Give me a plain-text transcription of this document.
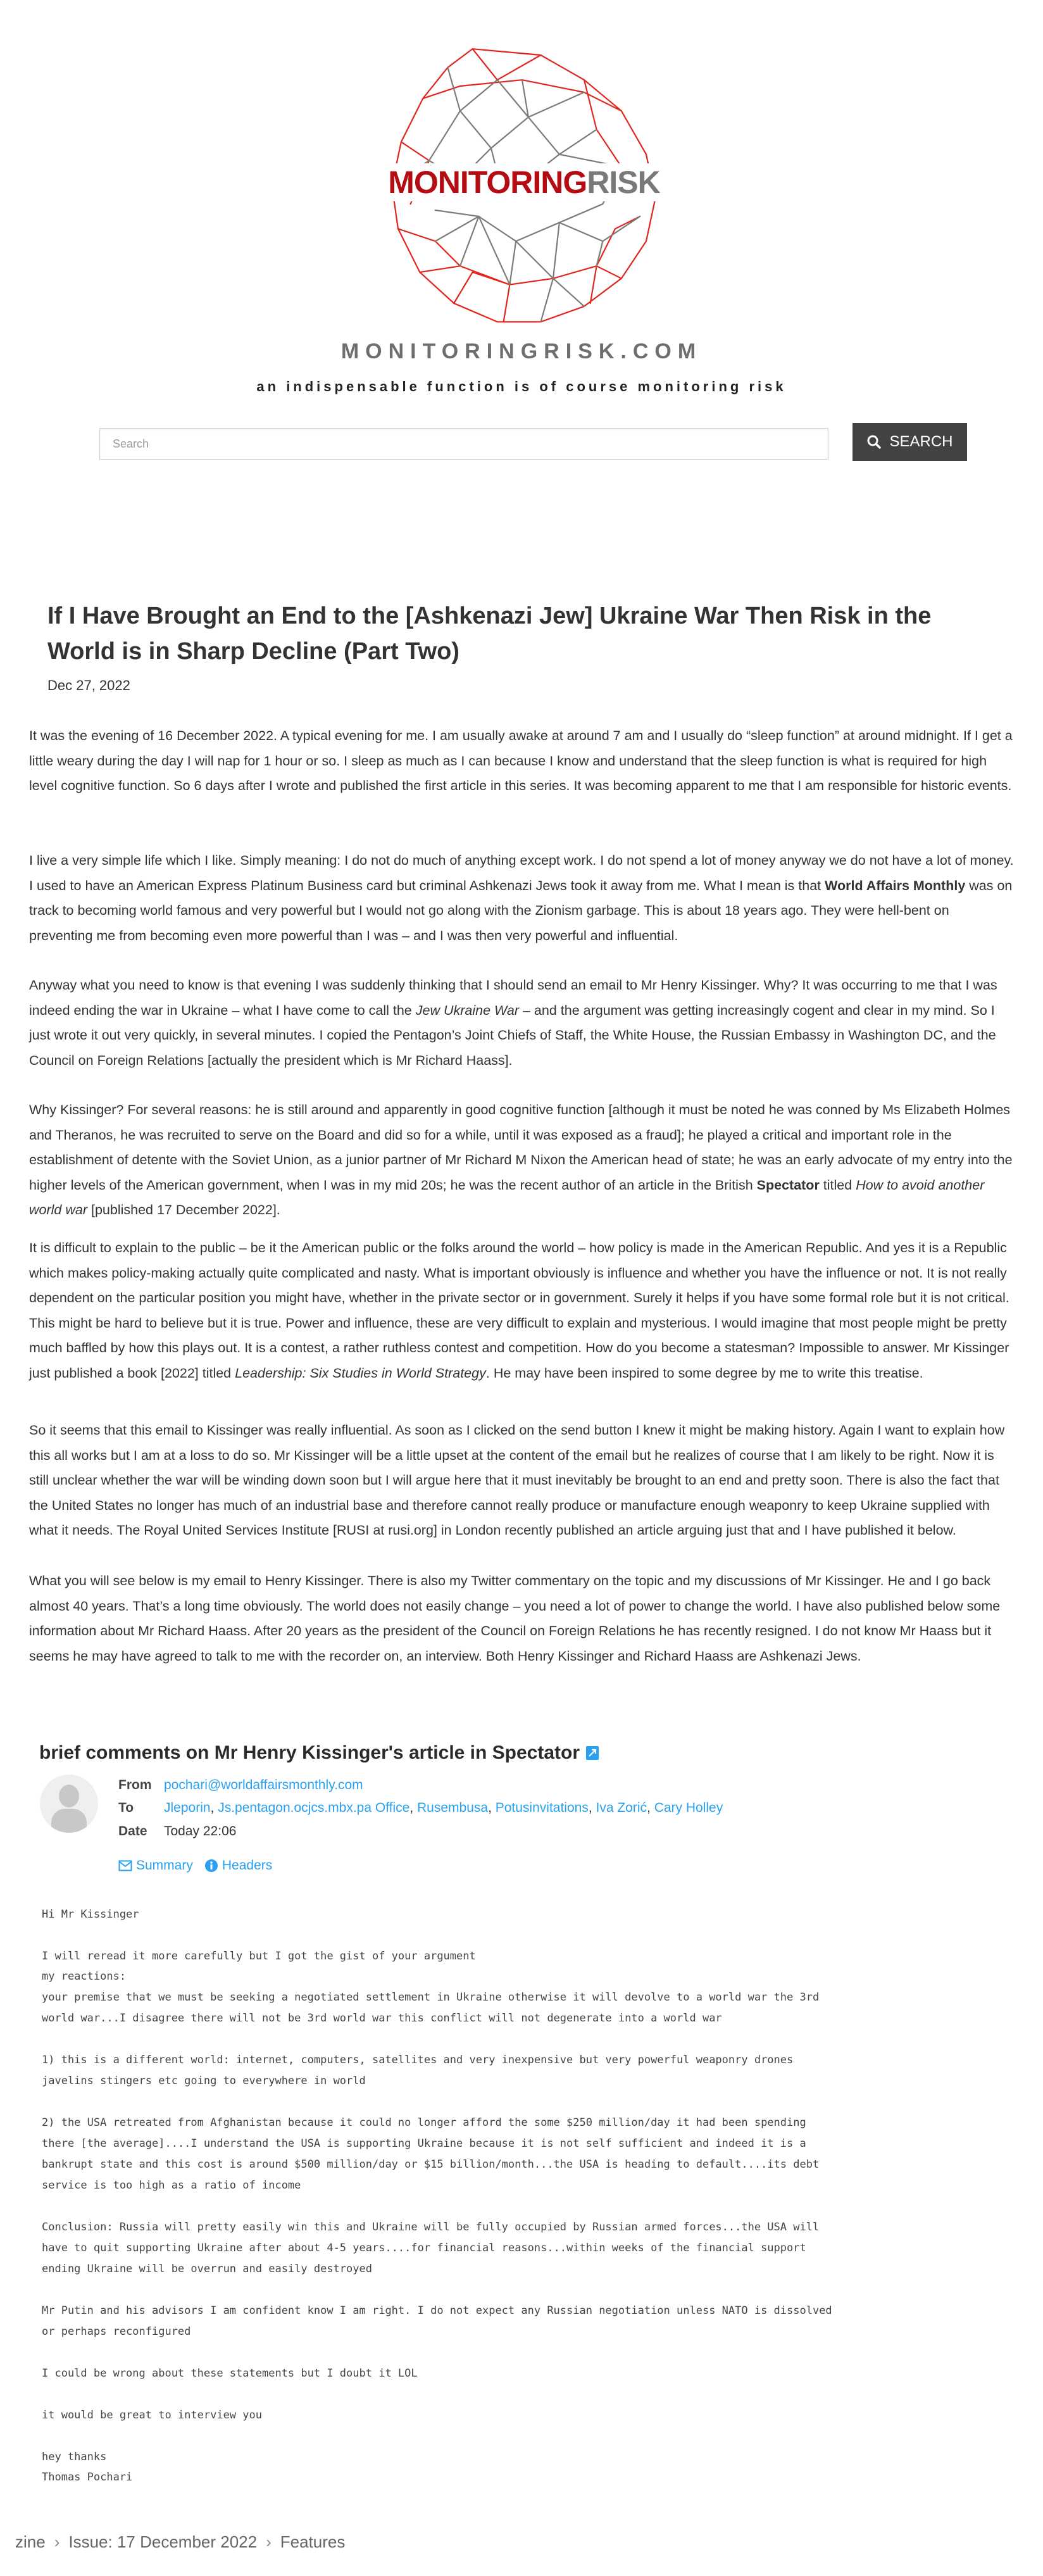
MONITORING RISK
MONITORINGRISK.COM
an indispensable function is of course monitoring risk
Search
SEARCH
If I Have Brought an End to the [Ashkenazi Jew] Ukraine War Then Risk in the World is in Sharp Decline (Part Two)
Dec 27, 2022

It was the evening of 16 December 2022. A typical evening for me. I am usually awake at around 7 am and I usually do “sleep function” at around midnight. If I get a little weary during the day I will nap for 1 hour or so. I sleep as much as I can because I know and understand that the sleep function is what is required for high level cognitive function. So 6 days after I wrote and published the first article in this series. It was becoming apparent to me that I am responsible for historic events.

I live a very simple life which I like. Simply meaning: I do not do much of anything except work. I do not spend a lot of money anyway we do not have a lot of money. I used to have an American Express Platinum Business card but criminal Ashkenazi Jews took it away from me. What I mean is that World Affairs Monthly was on track to becoming world famous and very powerful but I would not go along with the Zionism garbage. This is about 18 years ago. They were hell-bent on preventing me from becoming even more powerful than I was – and I was then very powerful and influential.

Anyway what you need to know is that evening I was suddenly thinking that I should send an email to Mr Henry Kissinger. Why? It was occurring to me that I was indeed ending the war in Ukraine – what I have come to call the Jew Ukraine War – and the argument was getting increasingly cogent and clear in my mind. So I just wrote it out very quickly, in several minutes. I copied the Pentagon’s Joint Chiefs of Staff, the White House, the Russian Embassy in Washington DC, and the Council on Foreign Relations [actually the president which is Mr Richard Haass].

Why Kissinger? For several reasons: he is still around and apparently in good cognitive function [although it must be noted he was conned by Ms Elizabeth Holmes and Theranos, he was recruited to serve on the Board and did so for a while, until it was exposed as a fraud]; he played a critical and important role in the establishment of detente with the Soviet Union, as a junior partner of Mr Richard M Nixon the American head of state; he was an early advocate of my entry into the higher levels of the American government, when I was in my mid 20s; he was the recent author of an article in the British Spectator titled How to avoid another world war [published 17 December 2022].

It is difficult to explain to the public – be it the American public or the folks around the world – how policy is made in the American Republic. And yes it is a Republic which makes policy-making actually quite complicated and nasty. What is important obviously is influence and whether you have the influence or not. It is not really dependent on the particular position you might have, whether in the private sector or in government. Surely it helps if you have some formal role but it is not critical. This might be hard to believe but it is true. Power and influence, these are very difficult to explain and mysterious. I would imagine that most people might be pretty much baffled by how this plays out. It is a contest, a rather ruthless contest and competition. How do you become a statesman? Impossible to answer. Mr Kissinger just published a book [2022] titled Leadership: Six Studies in World Strategy. He may have been inspired to some degree by me to write this treatise.

So it seems that this email to Kissinger was really influential. As soon as I clicked on the send button I knew it might be making history. Again I want to explain how this all works but I am at a loss to do so. Mr Kissinger will be a little upset at the content of the email but he realizes of course that I am likely to be right. Now it is still unclear whether the war will be winding down soon but I will argue here that it must inevitably be brought to an end and pretty soon. There is also the fact that the United States no longer has much of an industrial base and therefore cannot really produce or manufacture enough weaponry to keep Ukraine supplied with what it needs. The Royal United Services Institute [RUSI at rusi.org] in London recently published an article arguing just that and I have published it below.

What you will see below is my email to Henry Kissinger. There is also my Twitter commentary on the topic and my discussions of Mr Kissinger. He and I go back almost 40 years. That’s a long time obviously. The world does not easily change – you need a lot of power to change the world. I have also published below some information about Mr Richard Haass. After 20 years as the president of the Council on Foreign Relations he has recently resigned. I do not know Mr Haass but it seems he may have agreed to talk to me with the recorder on, an interview. Both Henry Kissinger and Richard Haass are Ashkenazi Jews.

brief comments on Mr Henry Kissinger's article in Spectator
From pochari@worldaffairsmonthly.com
To	Jleporin, Js.pentagon.ocjcs.mbx.pa Office, Rusembusa, Potusinvitations, Iva Zorić, Cary Holley
Date	Today 22:06
Summary Headers
Hi Mr Kissinger
I will reread it more carefully but I got the gist of your argument
my reactions:
your premise that we must be seeking a negotiated settlement in Ukraine otherwise it will devolve to a world war the 3rd
world war...I disagree there will not be 3rd world war this conflict will not degenerate into a world war
1) this is a different world: internet, computers, satellites and very inexpensive but very powerful weaponry drones
javelins stingers etc going to everywhere in world
2) the USA retreated from Afghanistan because it could no longer afford the some $250 million/day it had been spending
there [the average]....I understand the USA is supporting Ukraine because it is not self sufficient and indeed it is a
bankrupt state and this cost is around $500 million/day or $15 billion/month...the USA is heading to default....its debt
service is too high as a ratio of income
Conclusion: Russia will pretty easily win this and Ukraine will be fully occupied by Russian armed forces...the USA will
have to quit supporting Ukraine after about 4-5 years....for financial reasons...within weeks of the financial support
ending Ukraine will be overrun and easily destroyed
Mr Putin and his advisors I am confident know I am right. I do not expect any Russian negotiation unless NATO is dissolved
or perhaps reconfigured
I could be wrong about these statements but I doubt it LOL
it would be great to interview you
hey thanks
Thomas Pochari
zine › Issue: 17 December 2022 › Features
